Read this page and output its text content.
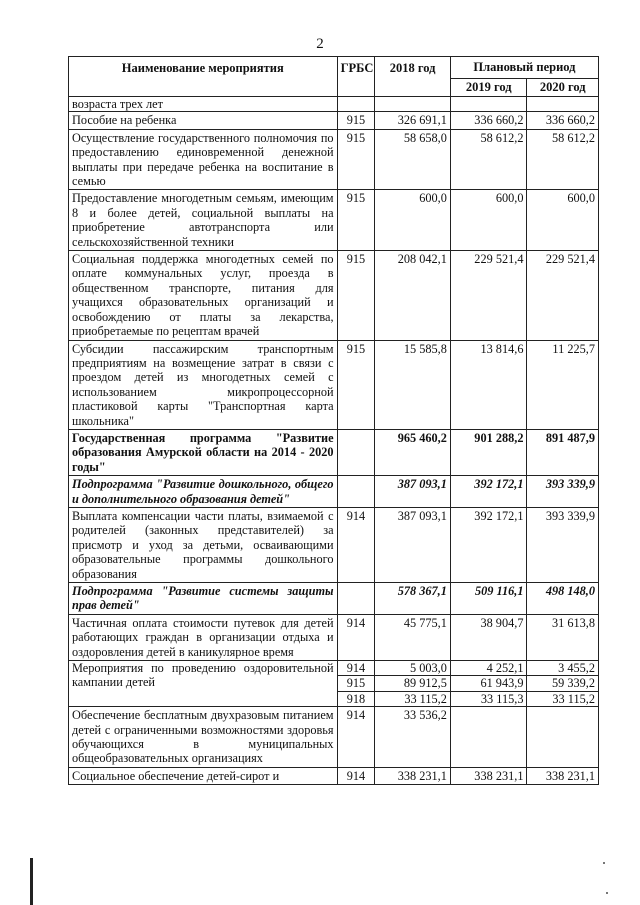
2
Наименование мероприятия	ГРБС	2018 год	Плановый период	
			2019 год	2020 год
возраста трех лет				
Пособие на ребенка	915	326 691,1	336 660,2	336 660,2
Осуществление государственного полномочия по предоставлению единовременной денежной выплаты при передаче ребенка на воспитание в семью	915	58 658,0	58 612,2	58 612,2
Предоставление многодетным семьям, имеющим 8 и более детей, социальной выплаты на приобретение автотранспорта или сельскохозяйственной техники	915	600,0	600,0	600,0
Социальная поддержка многодетных семей по оплате коммунальных услуг, проезда в общественном транспорте, питания для учащихся образовательных организаций и освобождению от платы за лекарства, приобретаемые по рецептам врачей	915	208 042,1	229 521,4	229 521,4
Субсидии пассажирским транспортным предприятиям на возмещение затрат в связи с проездом детей из многодетных семей с использованием микропроцессорной пластиковой карты "Транспортная карта школьника"	915	15 585,8	13 814,6	11 225,7
Государственная программа "Развитие образования Амурской области на 2014 - 2020 годы"		965 460,2	901 288,2	891 487,9
Подпрограмма "Развитие дошкольного, общего и дополнительного образования детей"		387 093,1	392 172,1	393 339,9
Выплата компенсации части платы, взимаемой с родителей (законных представителей) за присмотр и уход за детьми, осваивающими образовательные программы дошкольного образования	914	387 093,1	392 172,1	393 339,9
Подпрограмма "Развитие системы защиты прав детей"		578 367,1	509 116,1	498 148,0
Частичная оплата стоимости путевок для детей работающих граждан в организации отдыха и оздоровления детей в каникулярное время	914	45 775,1	38 904,7	31 613,8
Мероприятия по проведению оздоровительной кампании детей	914	5 003,0	4 252,1	3 455,2
	915	89 912,5	61 943,9	59 339,2
	918	33 115,2	33 115,3	33 115,2
Обеспечение бесплатным двухразовым питанием детей с ограниченными возможностями здоровья обучающихся в муниципальных общеобразовательных организациях	914	33 536,2		
Социальное обеспечение детей-сирот и	914	338 231,1	338 231,1	338 231,1
